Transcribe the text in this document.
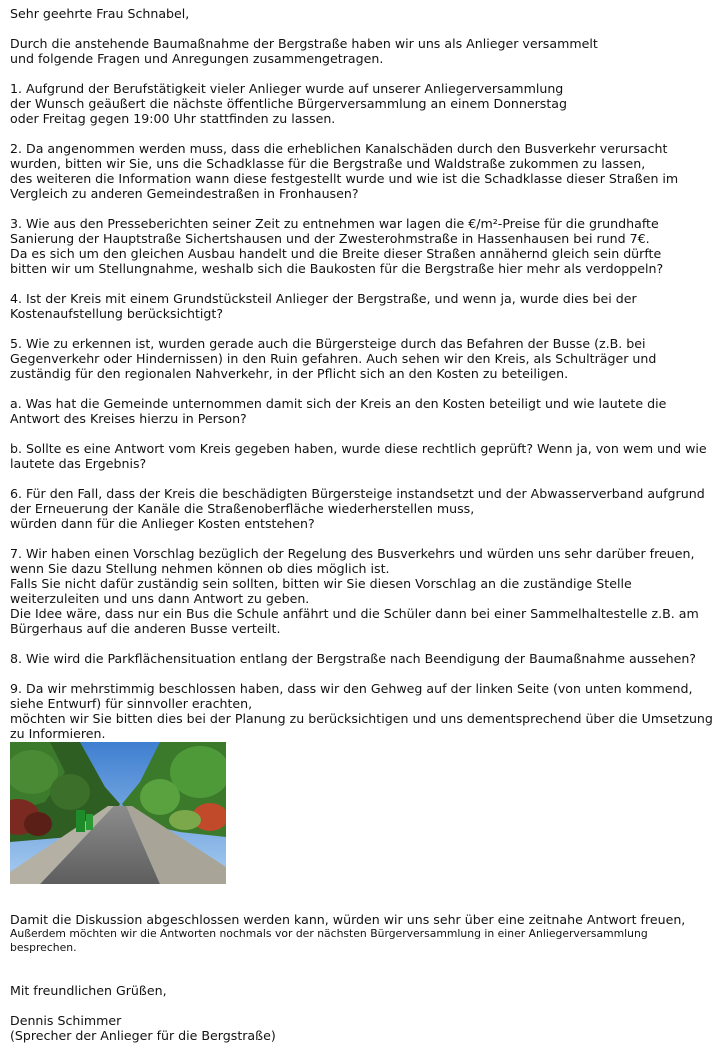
Sehr geehrte Frau Schnabel,
Durch die anstehende Baumaßnahme der Bergstraße haben wir uns als Anlieger versammelt
und folgende Fragen und Anregungen zusammengetragen.
1. Aufgrund der Berufstätigkeit vieler Anlieger wurde auf unserer Anliegerversammlung
der Wunsch geäußert die nächste öffentliche Bürgerversammlung an einem Donnerstag
oder Freitag gegen 19:00 Uhr stattfinden zu lassen.
2. Da angenommen werden muss, dass die erheblichen Kanalschäden durch den Busverkehr verursacht
wurden, bitten wir Sie, uns die Schadklasse für die Bergstraße und Waldstraße zukommen zu lassen,
des weiteren die Information wann diese festgestellt wurde und wie ist die Schadklasse dieser Straßen im
Vergleich zu anderen Gemeindestraßen in Fronhausen?
3. Wie aus den Presseberichten seiner Zeit zu entnehmen war lagen die €/m²-Preise für die grundhafte
Sanierung der Hauptstraße Sichertshausen und der Zwesterohmstraße in Hassenhausen bei rund 7€.
Da es sich um den gleichen Ausbau handelt und die Breite dieser Straßen annähernd gleich sein dürfte
bitten wir um Stellungnahme, weshalb sich die Baukosten für die Bergstraße hier mehr als verdoppeln?
4. Ist der Kreis mit einem Grundstücksteil Anlieger der Bergstraße, und wenn ja, wurde dies bei der
Kostenaufstellung berücksichtigt?
5. Wie zu erkennen ist, wurden gerade auch die Bürgersteige durch das Befahren der Busse (z.B. bei
Gegenverkehr oder Hindernissen) in den Ruin gefahren. Auch sehen wir den Kreis, als Schulträger und
zuständig für den regionalen Nahverkehr, in der Pflicht sich an den Kosten zu beteiligen.
a. Was hat die Gemeinde unternommen damit sich der Kreis an den Kosten beteiligt und wie lautete die
Antwort des Kreises hierzu in Person?
b. Sollte es eine Antwort vom Kreis gegeben haben, wurde diese rechtlich geprüft? Wenn ja, von wem und wie
lautete das Ergebnis?
6. Für den Fall, dass der Kreis die beschädigten Bürgersteige instandsetzt und der Abwasserverband aufgrund
der Erneuerung der Kanäle die Straßenoberfläche wiederherstellen muss,
würden dann für die Anlieger Kosten entstehen?
7. Wir haben einen Vorschlag bezüglich der Regelung des Busverkehrs und würden uns sehr darüber freuen,
wenn Sie dazu Stellung nehmen können ob dies möglich ist.
Falls Sie nicht dafür zuständig sein sollten, bitten wir Sie diesen Vorschlag an die zuständige Stelle
weiterzuleiten und uns dann Antwort zu geben.
Die Idee wäre, dass nur ein Bus die Schule anfährt und die Schüler dann bei einer Sammelhaltestelle z.B. am
Bürgerhaus auf die anderen Busse verteilt.
8. Wie wird die Parkflächensituation entlang der Bergstraße nach Beendigung der Baumaßnahme aussehen?
9. Da wir mehrstimmig beschlossen haben, dass wir den Gehweg auf der linken Seite (von unten kommend,
siehe Entwurf) für sinnvoller erachten,
möchten wir Sie bitten dies bei der Planung zu berücksichtigen und uns dementsprechend über die Umsetzung
zu Informieren.
Damit die Diskussion abgeschlossen werden kann, würden wir uns sehr über eine zeitnahe Antwort freuen,
Außerdem möchten wir die Antworten nochmals vor der nächsten Bürgerversammlung in einer Anliegerversammlung
besprechen.
Mit freundlichen Grüßen,
Dennis Schimmer
(Sprecher der Anlieger für die Bergstraße)
